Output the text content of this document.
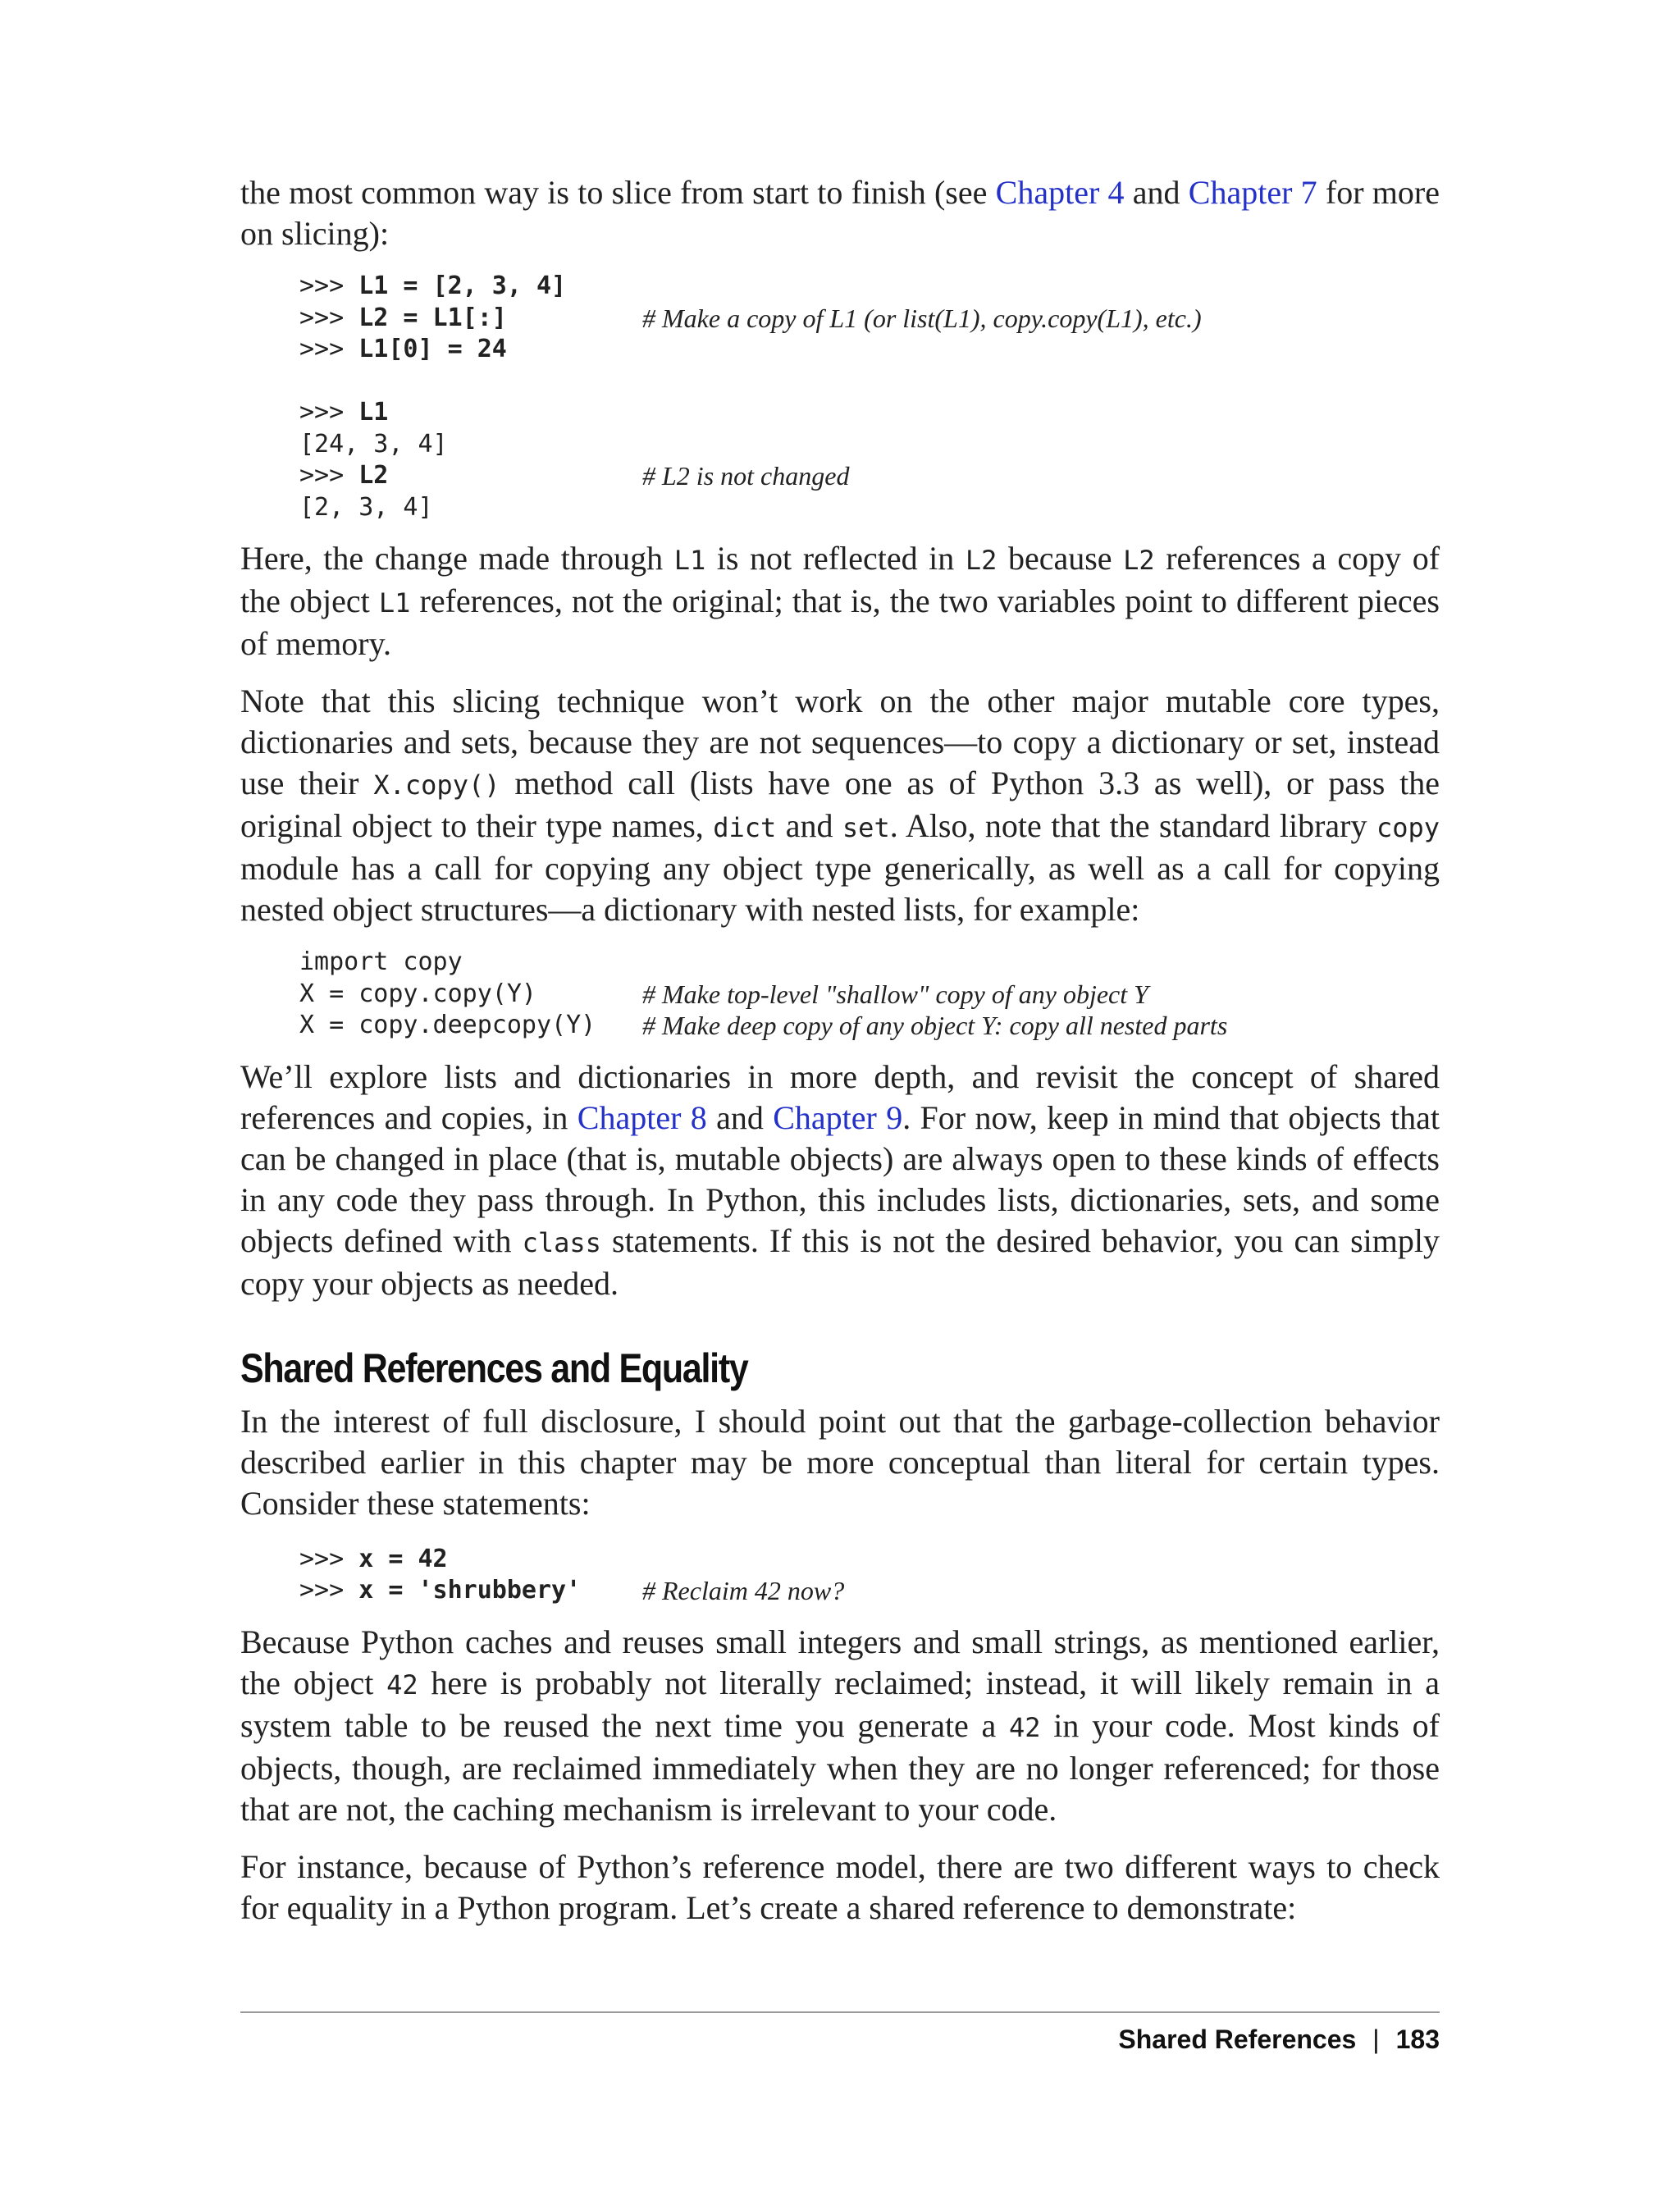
the most common way is to slice from start to finish (see Chapter 4 and Chapter 7 for more on slicing):

>>> L1 = [2, 3, 4]
>>> L2 = L1[:]	# Make a copy of L1 (or list(L1), copy.copy(L1), etc.)
>>> L1[0] = 24
>>> L1
[24, 3, 4]
>>> L2	# L2 is not changed
[2, 3, 4]

Here, the change made through L1 is not reflected in L2 because L2 references a copy of the object L1 references, not the original; that is, the two variables point to different pieces of memory.

Note that this slicing technique won’t work on the other major mutable core types, dictionaries and sets, because they are not sequences—to copy a dictionary or set, instead use their X.copy() method call (lists have one as of Python 3.3 as well), or pass the original object to their type names, dict and set. Also, note that the standard library copy module has a call for copying any object type generically, as well as a call for copying nested object structures—a dictionary with nested lists, for example:

import copy
X = copy.copy(Y)	# Make top-level "shallow" copy of any object Y
X = copy.deepcopy(Y)	# Make deep copy of any object Y: copy all nested parts

We’ll explore lists and dictionaries in more depth, and revisit the concept of shared references and copies, in Chapter 8 and Chapter 9. For now, keep in mind that objects that can be changed in place (that is, mutable objects) are always open to these kinds of effects in any code they pass through. In Python, this includes lists, dictionaries, sets, and some objects defined with class statements. If this is not the desired behavior, you can simply copy your objects as needed.

Shared References and Equality

In the interest of full disclosure, I should point out that the garbage-collection behavior described earlier in this chapter may be more conceptual than literal for certain types. Consider these statements:

>>> x = 42
>>> x = 'shrubbery'	# Reclaim 42 now?

Because Python caches and reuses small integers and small strings, as mentioned earlier, the object 42 here is probably not literally reclaimed; instead, it will likely remain in a system table to be reused the next time you generate a 42 in your code. Most kinds of objects, though, are reclaimed immediately when they are no longer referenced; for those that are not, the caching mechanism is irrelevant to your code.

For instance, because of Python’s reference model, there are two different ways to check for equality in a Python program. Let’s create a shared reference to demonstrate:

Shared References | 183
